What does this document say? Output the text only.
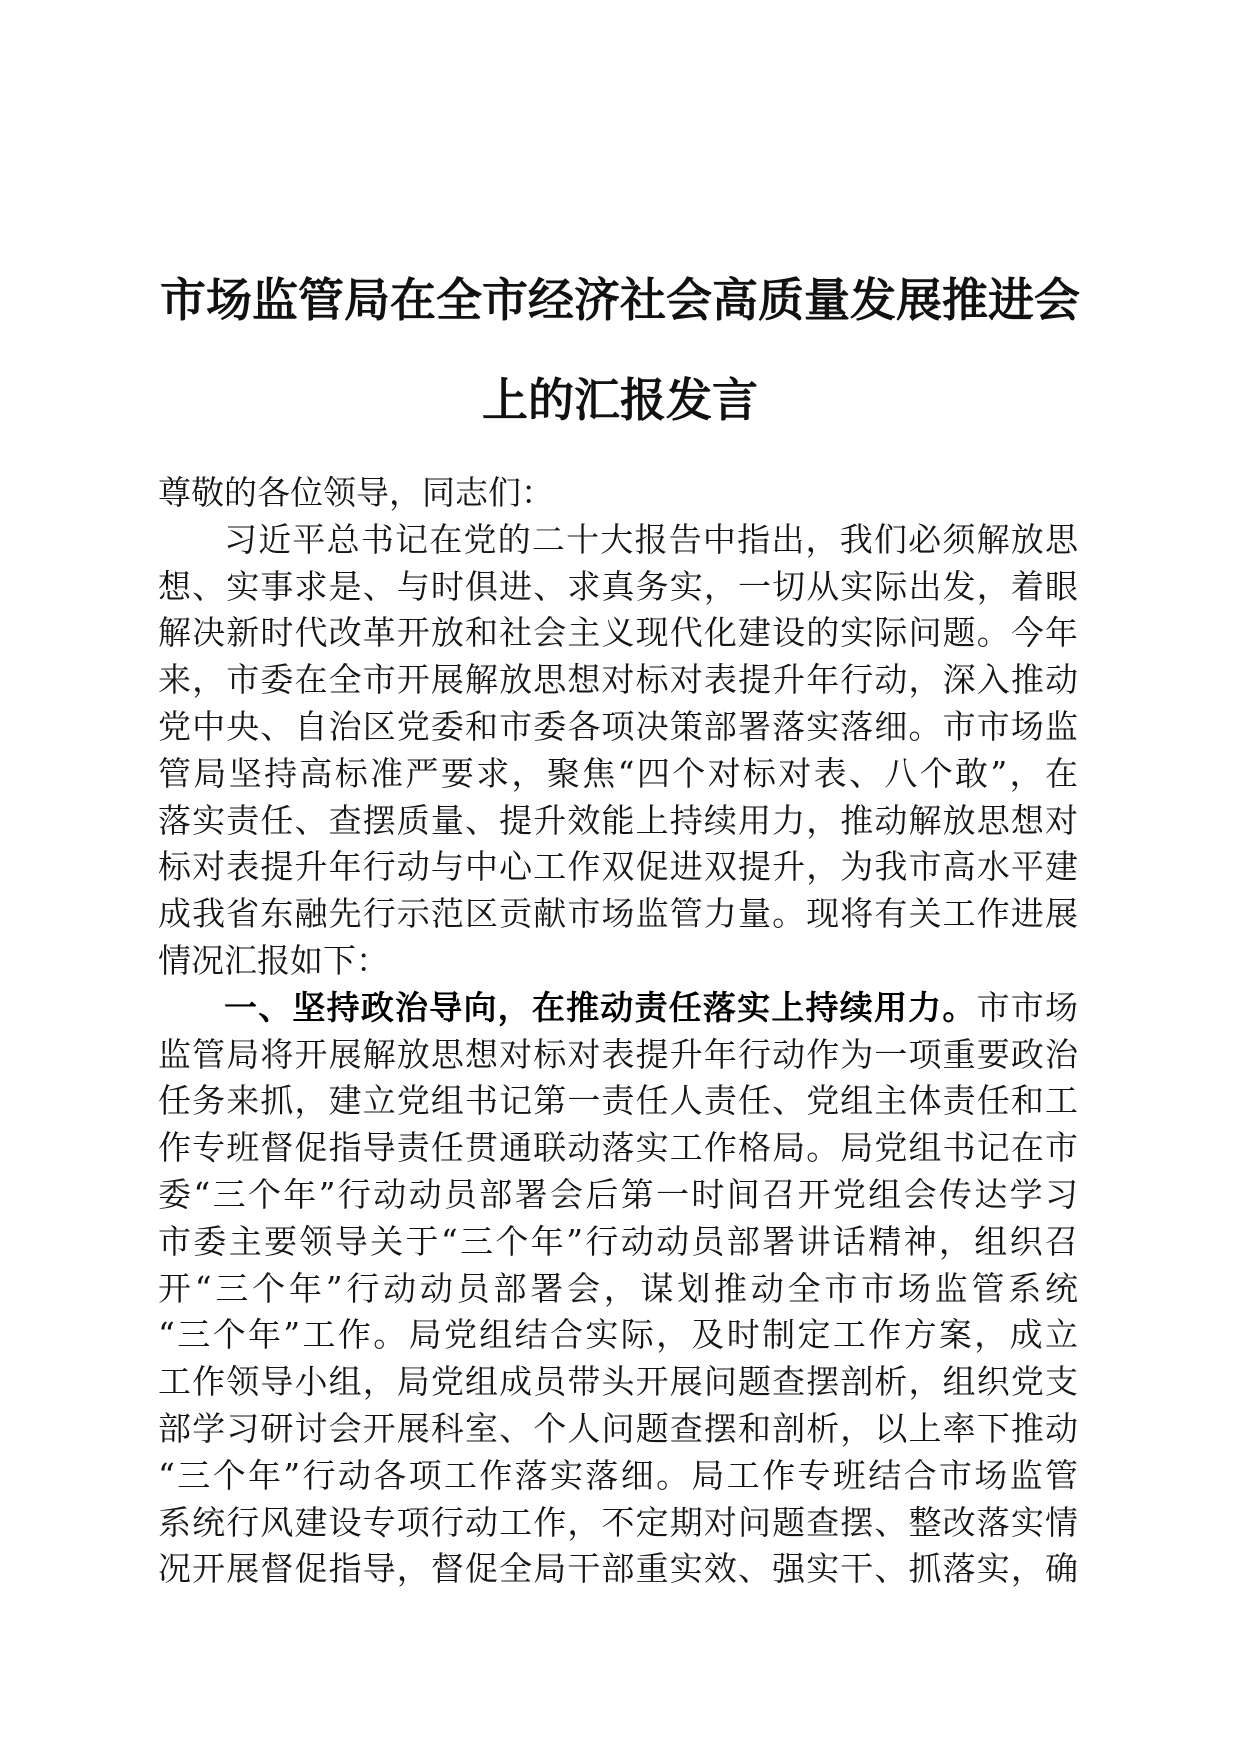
市场监管局在全市经济社会高质量发展推进会
上的汇报发言
尊敬的各位领导，同志们：
习近平总书记在党的二十大报告中指出，我们必须解放思
想、实事求是、与时俱进、求真务实，一切从实际出发，着眼
解决新时代改革开放和社会主义现代化建设的实际问题。今年
来，市委在全市开展解放思想对标对表提升年行动，深入推动
党中央、自治区党委和市委各项决策部署落实落细。市市场监
管局坚持高标准严要求，聚焦“四个对标对表、八个敢”，在
落实责任、查摆质量、提升效能上持续用力，推动解放思想对
标对表提升年行动与中心工作双促进双提升，为我市高水平建
成我省东融先行示范区贡献市场监管力量。现将有关工作进展
情况汇报如下：
一、坚持政治导向，在推动责任落实上持续用力。市市场
监管局将开展解放思想对标对表提升年行动作为一项重要政治
任务来抓，建立党组书记第一责任人责任、党组主体责任和工
作专班督促指导责任贯通联动落实工作格局。局党组书记在市
委“三个年”行动动员部署会后第一时间召开党组会传达学习
市委主要领导关于“三个年”行动动员部署讲话精神，组织召
开“三个年”行动动员部署会，谋划推动全市市场监管系统
“三个年”工作。局党组结合实际，及时制定工作方案，成立
工作领导小组，局党组成员带头开展问题查摆剖析，组织党支
部学习研讨会开展科室、个人问题查摆和剖析，以上率下推动
“三个年”行动各项工作落实落细。局工作专班结合市场监管
系统行风建设专项行动工作，不定期对问题查摆、整改落实情
况开展督促指导，督促全局干部重实效、强实干、抓落实，确
